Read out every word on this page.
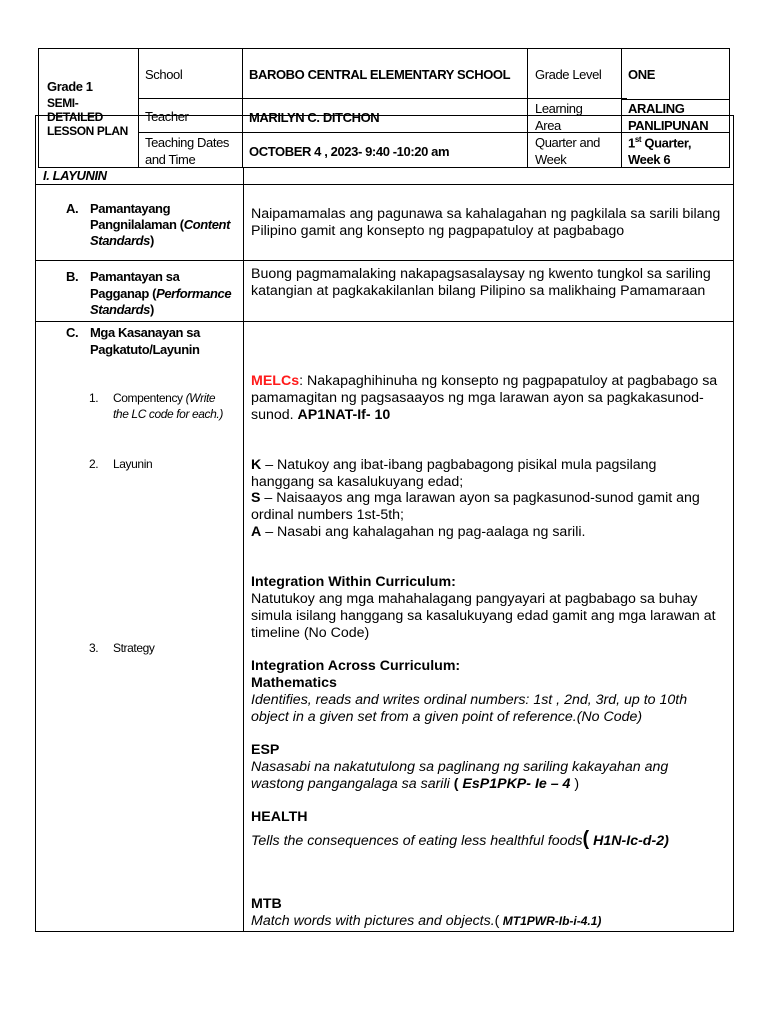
Grade 1
SEMI-
DETAILED
LESSON PLAN
School	BAROBO CENTRAL ELEMENTARY SCHOOL Grade Level ONE
Teacher	MARILYN C. DITCHON
Learning
Area
ARALING
PANLIPUNAN
Teaching Dates
and Time
OCTOBER 4 , 2023- 9:40 -10:20 am
Quarter and
Week
1st Quarter,
Week 6
I. LAYUNIN
A. Pamantayang
Pangnilalaman (Content
Standards)
Naipamamalas ang pagunawa sa kahalagahan ng pagkilala sa sarili bilang Pilipino gamit ang konsepto ng pagpapatuloy at pagbabago
B. Pamantayan sa
Pagganap (Performance
Standards)
Buong pagmamalaking nakapagsasalaysay ng kwento tungkol sa sariling katangian at pagkakakilanlan bilang Pilipino sa malikhaing Pamamaraan
C. Mga Kasanayan sa
Pagkatuto/Layunin
1. Compentency (Write
the LC code for each.)
2. Layunin
3. Strategy
MELCs: Nakapaghihinuha ng konsepto ng pagpapatuloy at pagbabago sa pamamagitan ng pagsasaayos ng mga larawan ayon sa pagkakasunod-sunod. AP1NAT-If- 10
K – Natukoy ang ibat-ibang pagbabagong pisikal mula pagsilang hanggang sa kasalukuyang edad;
S – Naisaayos ang mga larawan ayon sa pagkasunod-sunod gamit ang ordinal numbers 1st-5th;
A – Nasabi ang kahalagahan ng pag-aalaga ng sarili.
Integration Within Curriculum:
Natutukoy ang mga mahahalagang pangyayari at pagbabago sa buhay simula isilang hanggang sa kasalukuyang edad gamit ang mga larawan at timeline (No Code)
Integration Across Curriculum:
Mathematics
Identifies, reads and writes ordinal numbers: 1st , 2nd, 3rd, up to 10th object in a given set from a given point of reference.(No Code)
ESP
Nasasabi na nakatutulong sa paglinang ng sariling kakayahan ang wastong pangangalaga sa sarili ( EsP1PKP- Ie – 4 )
HEALTH
Tells the consequences of eating less healthful foods( H1N-Ic-d-2)
MTB
Match words with pictures and objects.( MT1PWR-Ib-i-4.1)
